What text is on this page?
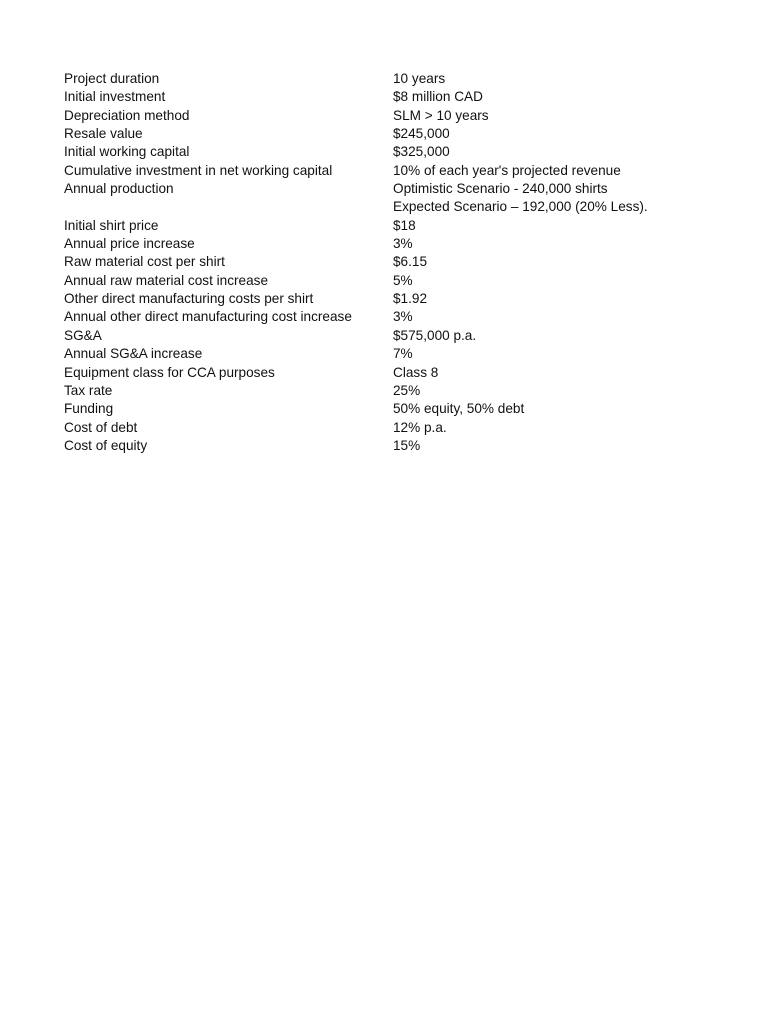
Project duration	10 years
Initial investment	$8 million CAD
Depreciation method	SLM > 10 years
Resale value	$245,000
Initial working capital	$325,000
Cumulative investment in net working capital	10% of each year's projected revenue
Annual production	Optimistic Scenario - 240,000 shirts
Expected Scenario – 192,000 (20% Less).
Initial shirt price	$18
Annual price increase	3%
Raw material cost per shirt	$6.15
Annual raw material cost increase	5%
Other direct manufacturing costs per shirt	$1.92
Annual other direct manufacturing cost increase	3%
SG&A	$575,000 p.a.
Annual SG&A increase	7%
Equipment class for CCA purposes	Class 8
Tax rate	25%
Funding	50% equity, 50% debt
Cost of debt	12% p.a.
Cost of equity	15%
